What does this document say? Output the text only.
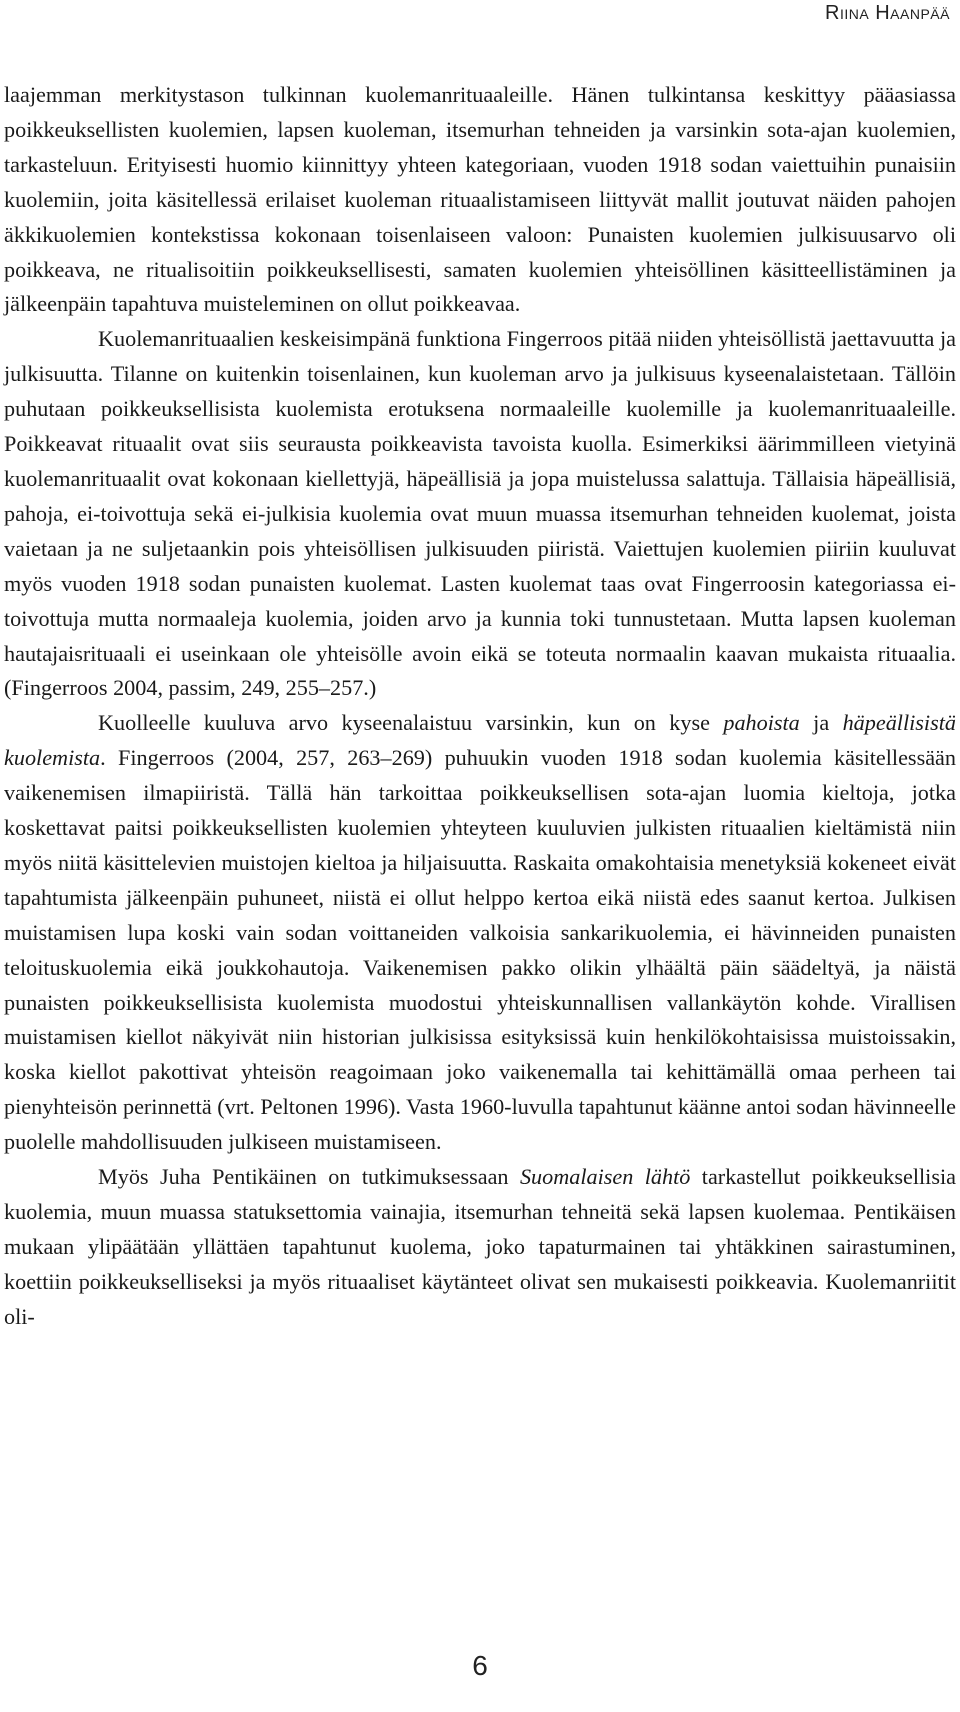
Riina Haanpää

laajemman merkitystason tulkinnan kuolemanrituaaleille. Hänen tulkintansa keskittyy pääasiassa poikkeuksellisten kuolemien, lapsen kuoleman, itsemurhan tehneiden ja varsinkin sota-ajan kuolemien, tarkasteluun. Erityisesti huomio kiinnittyy yhteen kategoriaan, vuoden 1918 sodan vaiettuihin punaisiin kuolemiin, joita käsitellessä erilaiset kuoleman rituaalistamiseen liittyvät mallit joutuvat näiden pahojen äkkikuolemien kontekstissa kokonaan toisenlaiseen valoon: Punaisten kuolemien julkisuusarvo oli poikkeava, ne ritualisoitiin poikkeuksellisesti, samaten kuolemien yhteisöllinen käsitteellistäminen ja jälkeenpäin tapahtuva muisteleminen on ollut poikkeavaa.

Kuolemanrituaalien keskeisimpänä funktiona Fingerroos pitää niiden yhteisöllistä jaettavuutta ja julkisuutta. Tilanne on kuitenkin toisenlainen, kun kuoleman arvo ja julkisuus kyseenalaistetaan. Tällöin puhutaan poikkeuksellisista kuolemista erotuksena normaaleille kuolemille ja kuolemanrituaaleille. Poikkeavat rituaalit ovat siis seurausta poikkeavista tavoista kuolla. Esimerkiksi äärimmilleen vietyinä kuolemanrituaalit ovat kokonaan kiellettyjä, häpeällisiä ja jopa muistelussa salattuja. Tällaisia häpeällisiä, pahoja, ei-toivottuja sekä ei-julkisia kuolemia ovat muun muassa itsemurhan tehneiden kuolemat, joista vaietaan ja ne suljetaankin pois yhteisöllisen julkisuuden piiristä. Vaiettujen kuolemien piiriin kuuluvat myös vuoden 1918 sodan punaisten kuolemat. Lasten kuolemat taas ovat Fingerroosin kategoriassa ei-toivottuja mutta normaaleja kuolemia, joiden arvo ja kunnia toki tunnustetaan. Mutta lapsen kuoleman hautajaisrituaali ei useinkaan ole yhteisölle avoin eikä se toteuta normaalin kaavan mukaista rituaalia. (Fingerroos 2004, passim, 249, 255–257.)

Kuolleelle kuuluva arvo kyseenalaistuu varsinkin, kun on kyse pahoista ja häpeällisistä kuolemista. Fingerroos (2004, 257, 263–269) puhuukin vuoden 1918 sodan kuolemia käsitellessään vaikenemisen ilmapiiristä. Tällä hän tarkoittaa poikkeuksellisen sota-ajan luomia kieltoja, jotka koskettavat paitsi poikkeuksellisten kuolemien yhteyteen kuuluvien julkisten rituaalien kieltämistä niin myös niitä käsittelevien muistojen kieltoa ja hiljaisuutta. Raskaita omakohtaisia menetyksiä kokeneet eivät tapahtumista jälkeenpäin puhuneet, niistä ei ollut helppo kertoa eikä niistä edes saanut kertoa. Julkisen muistamisen lupa koski vain sodan voittaneiden valkoisia sankarikuolemia, ei hävinneiden punaisten teloituskuolemia eikä joukkohautoja. Vaikenemisen pakko olikin ylhäältä päin säädeltyä, ja näistä punaisten poikkeuksellisista kuolemista muodostui yhteiskunnallisen vallankäytön kohde. Virallisen muistamisen kiellot näkyivät niin historian julkisissa esityksissä kuin henkilökohtaisissa muistoissakin, koska kiellot pakottivat yhteisön reagoimaan joko vaikenemalla tai kehittämällä omaa perheen tai pienyhteisön perinnettä (vrt. Peltonen 1996). Vasta 1960-luvulla tapahtunut käänne antoi sodan hävinneelle puolelle mahdollisuuden julkiseen muistamiseen.

Myös Juha Pentikäinen on tutkimuksessaan Suomalaisen lähtö tarkastellut poikkeuksellisia kuolemia, muun muassa statuksettomia vainajia, itsemurhan tehneitä sekä lapsen kuolemaa. Pentikäisen mukaan ylipäätään yllättäen tapahtunut kuolema, joko tapaturmainen tai yhtäkkinen sairastuminen, koettiin poikkeukselliseksi ja myös rituaaliset käytänteet olivat sen mukaisesti poikkeavia. Kuolemanriitit oli-

6
